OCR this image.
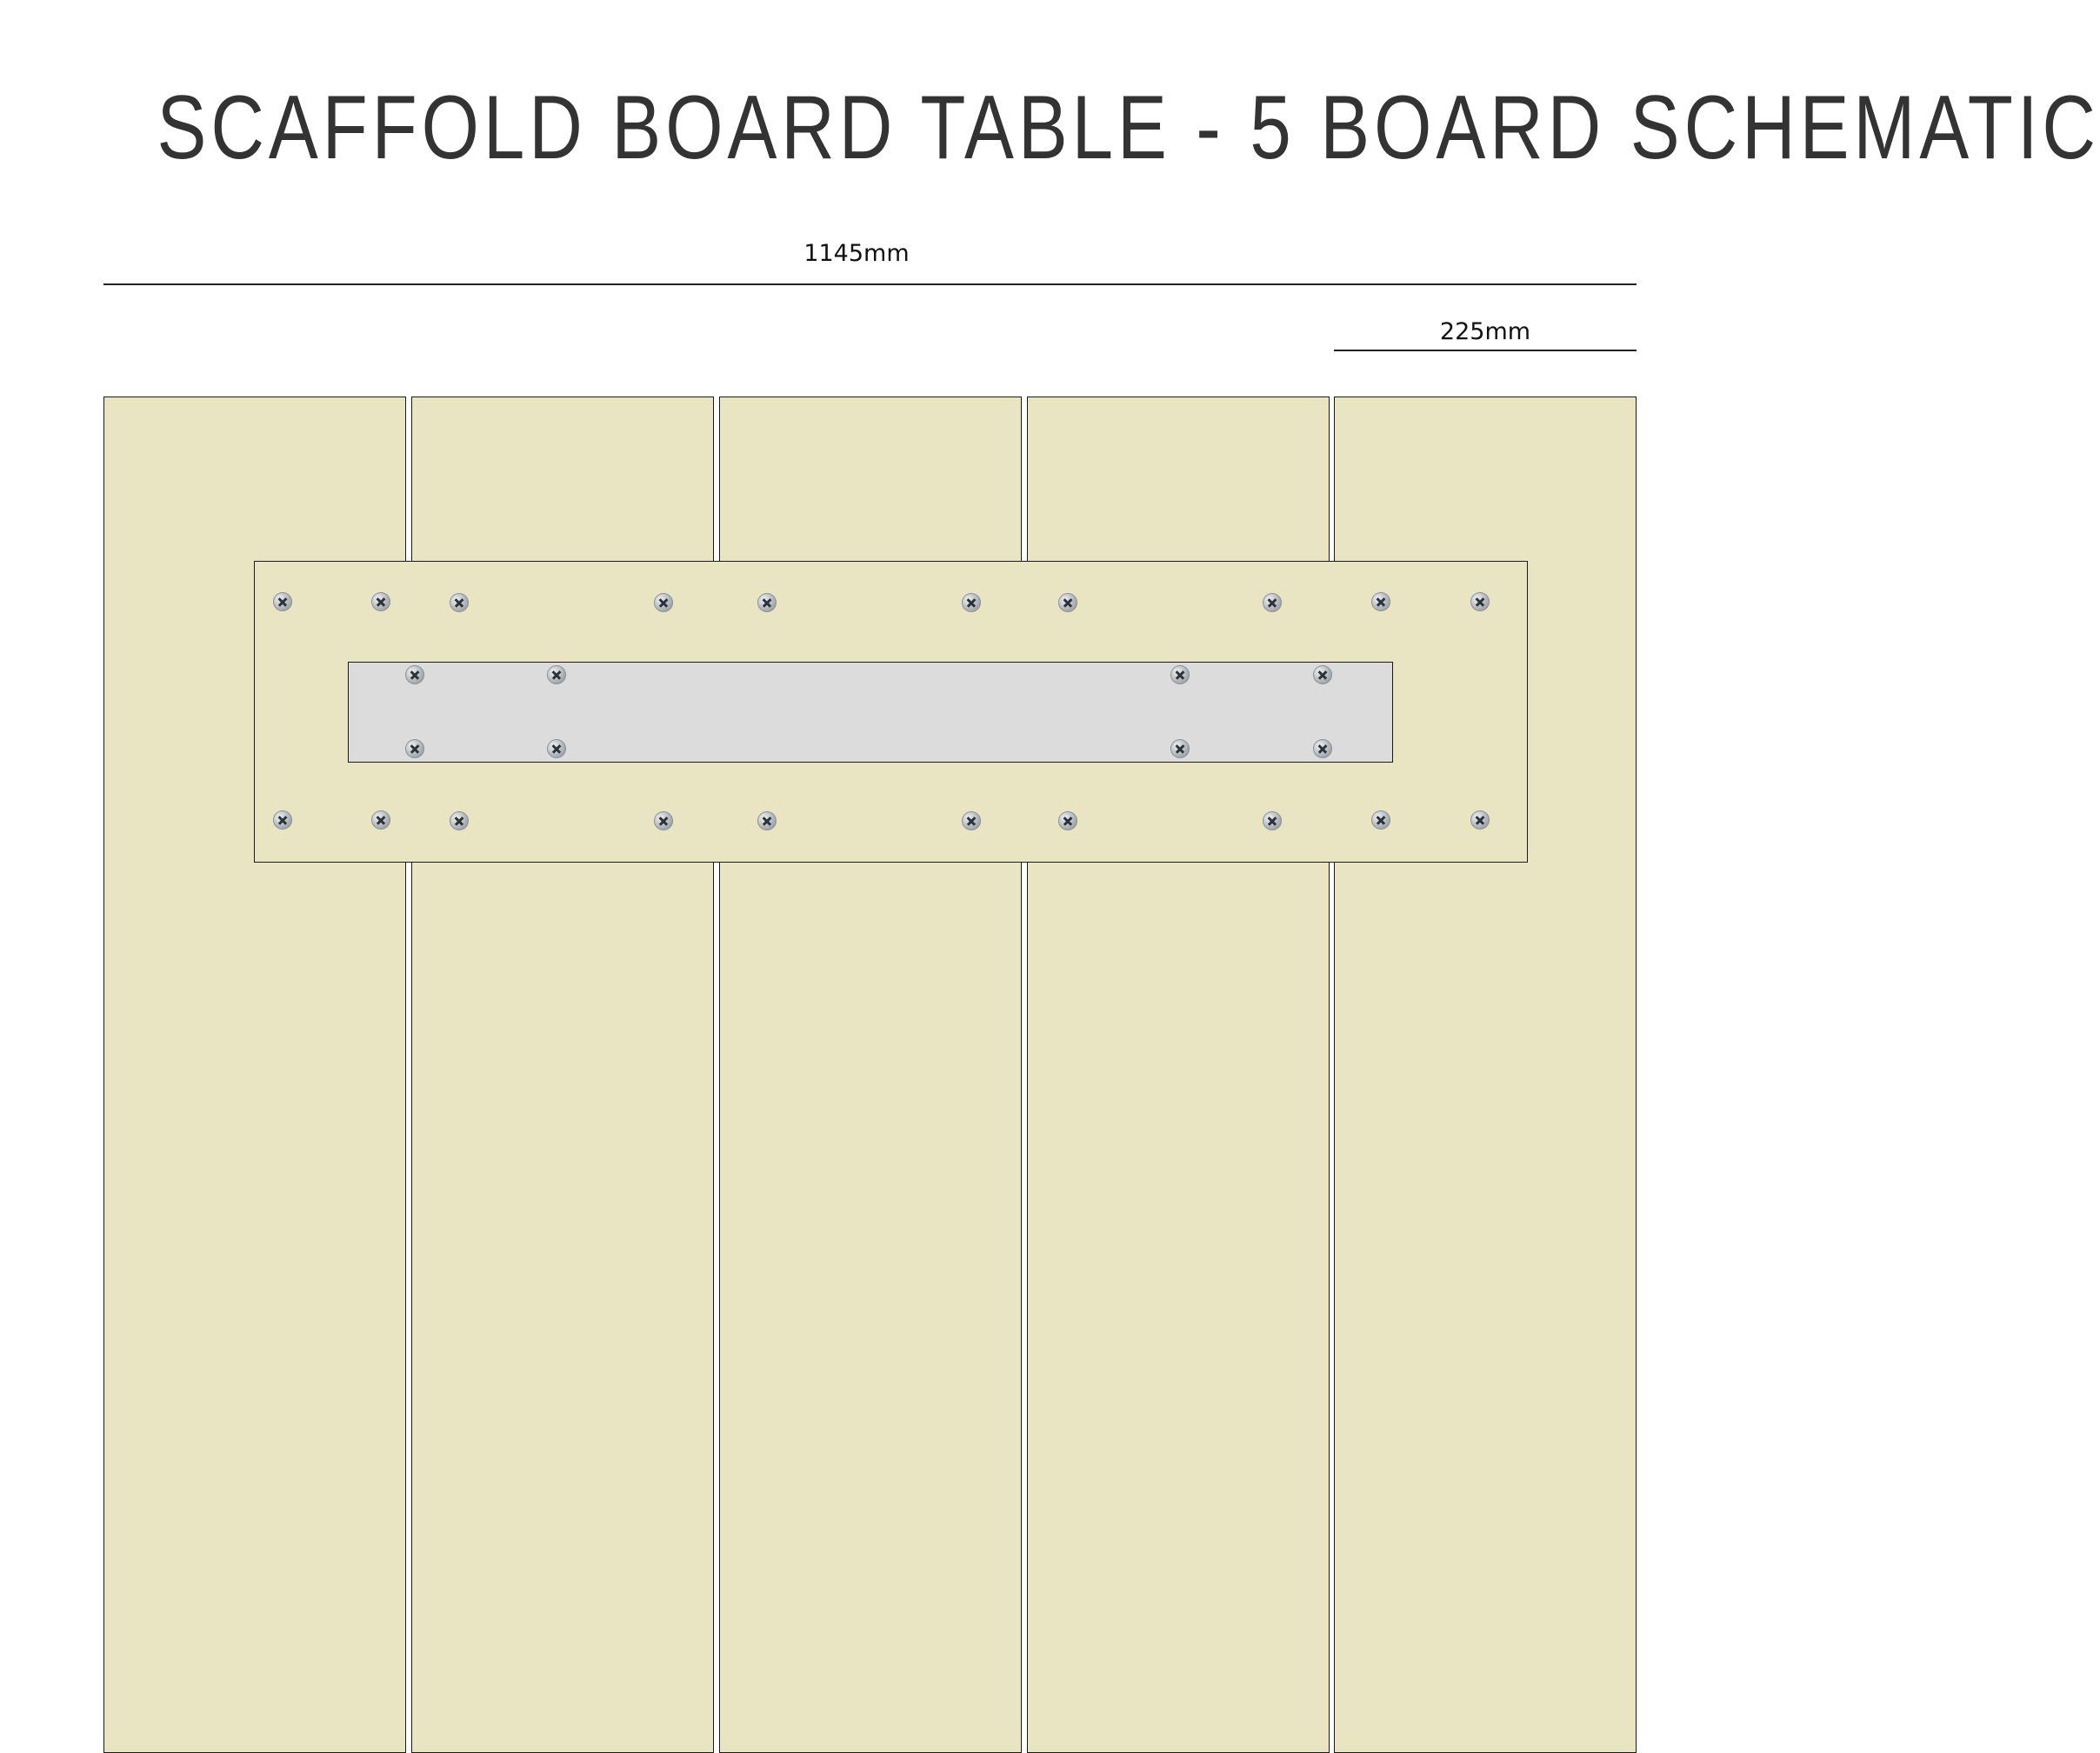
SCAFFOLD BOARD TABLE - 5 BOARD SCHEMATIC
1145mm
225mm
